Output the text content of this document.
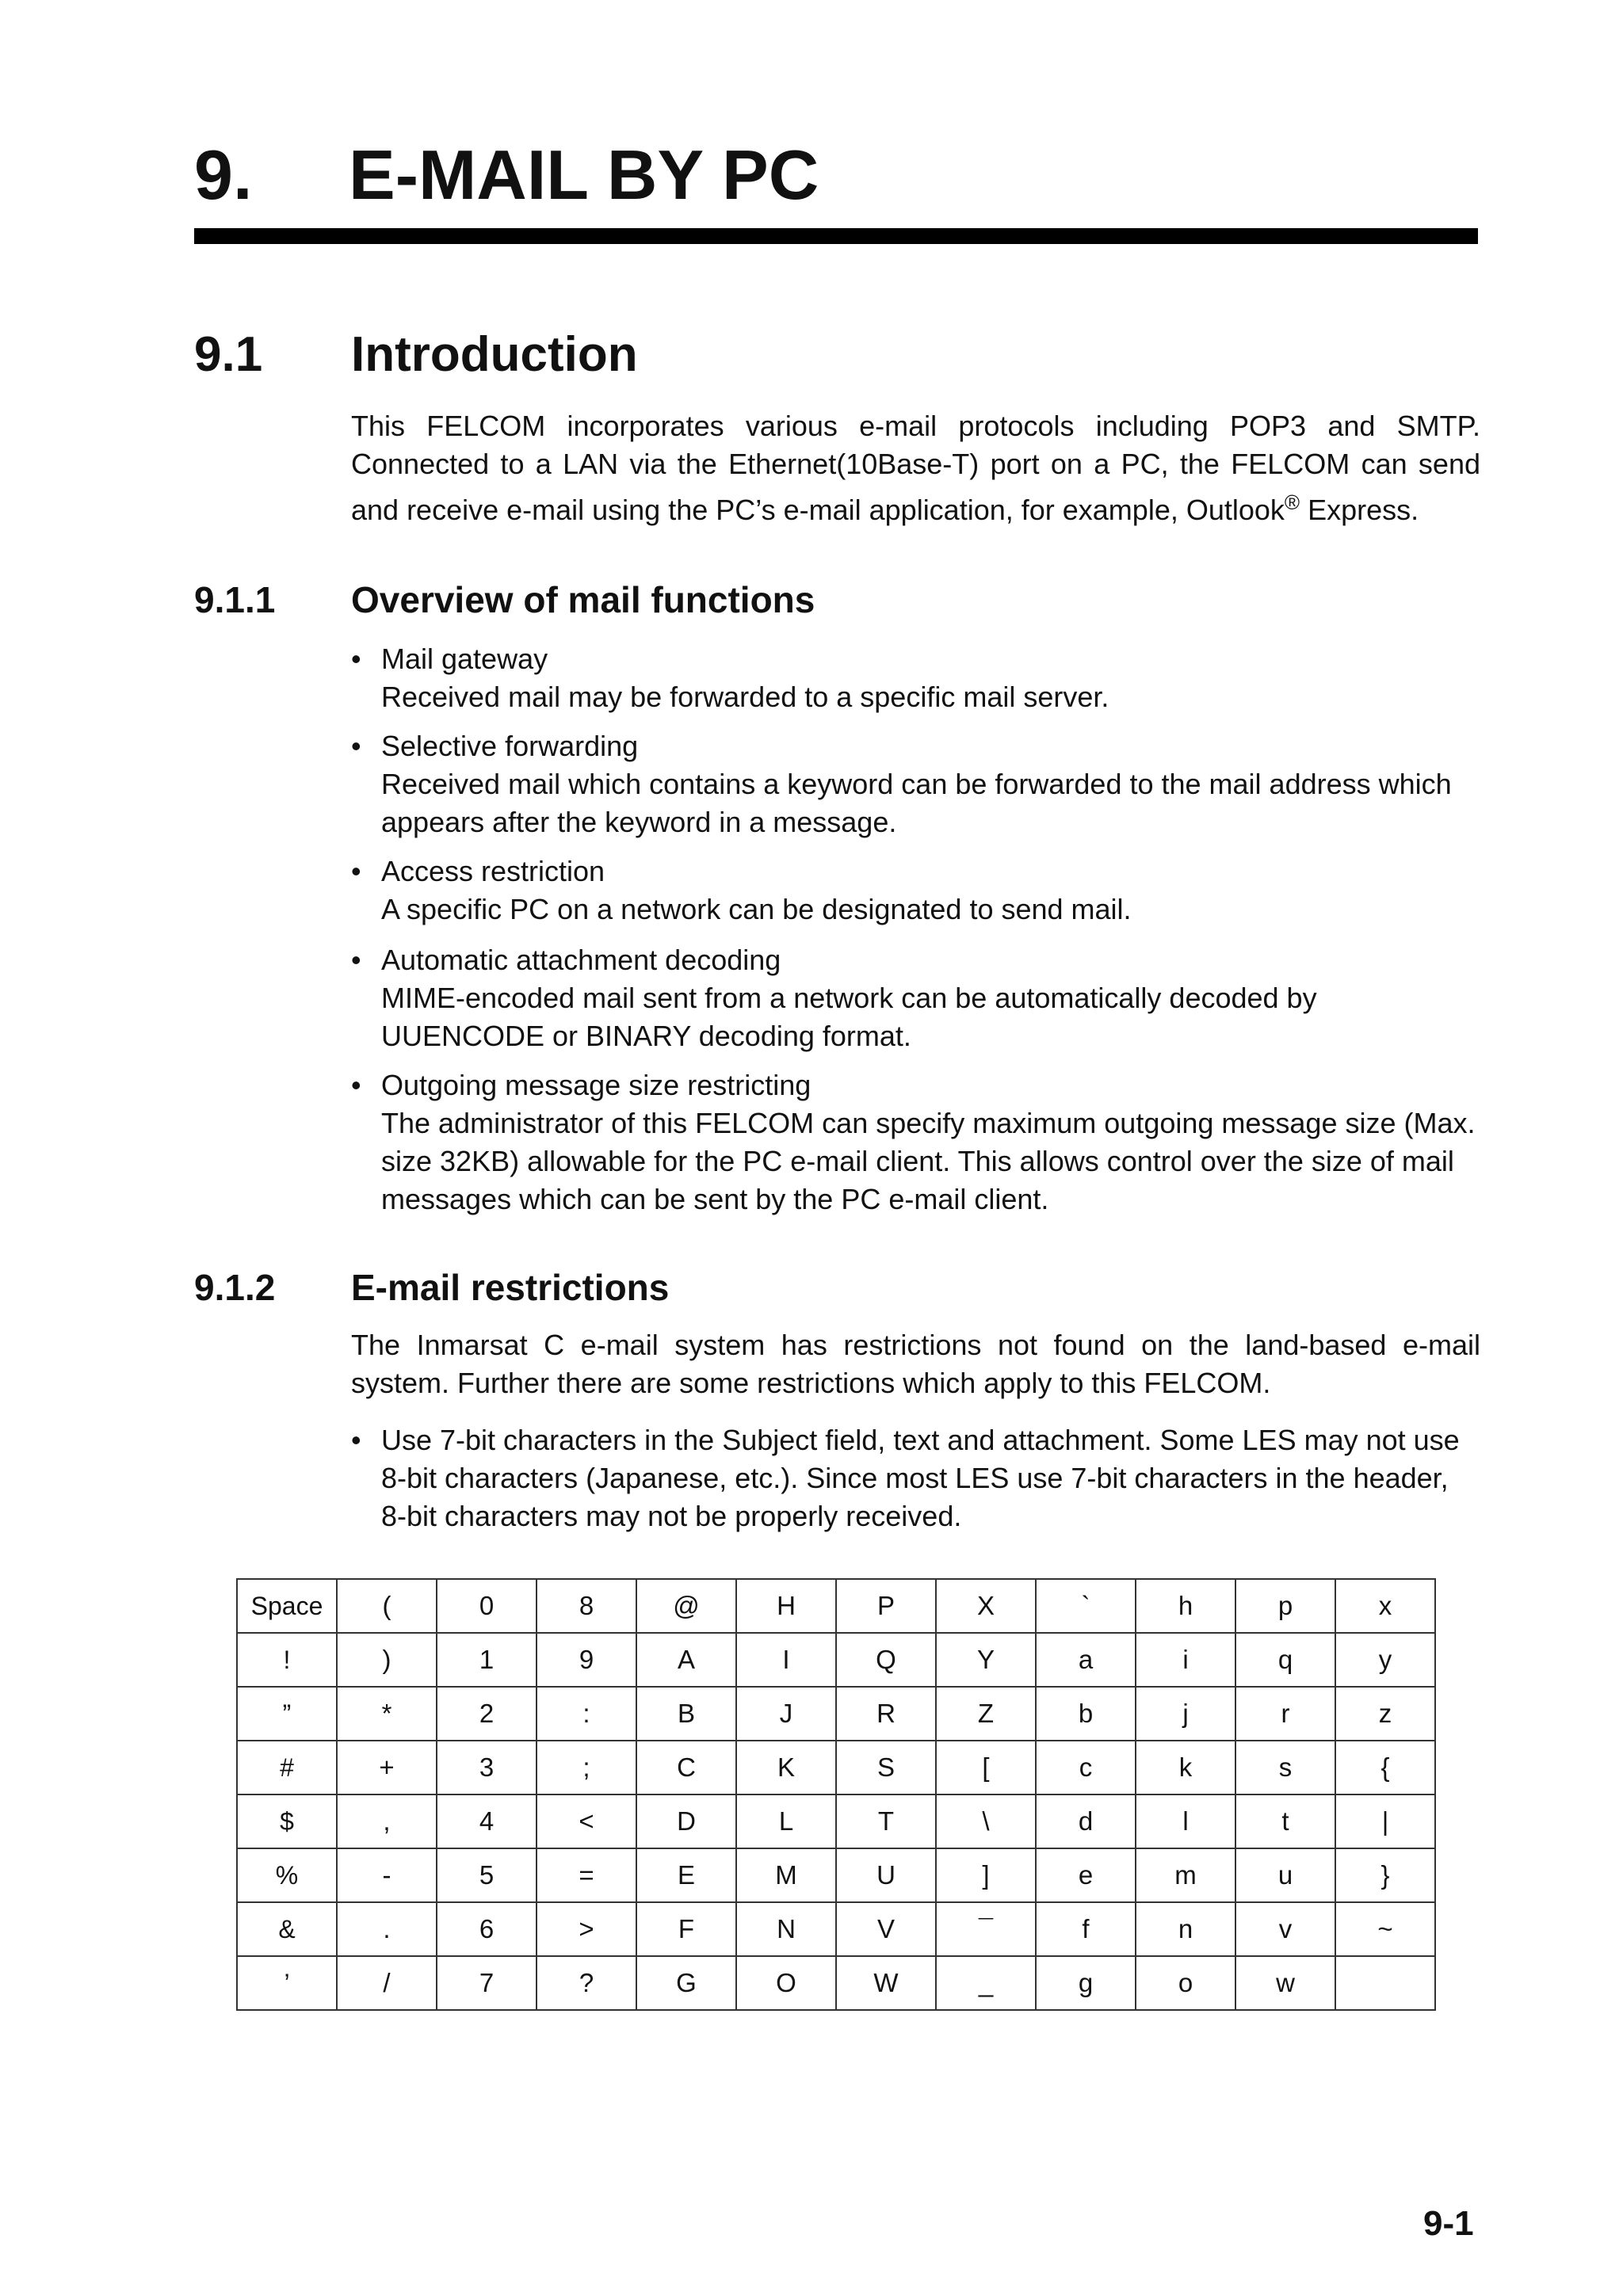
9. E-MAIL BY PC
9.1 Introduction
This FELCOM incorporates various e-mail protocols including POP3 and SMTP. Connected to a LAN via the Ethernet(10Base-T) port on a PC, the FELCOM can send and receive e-mail using the PC’s e-mail application, for example, Outlook® Express.
9.1.1 Overview of mail functions
• Mail gateway
Received mail may be forwarded to a specific mail server.
• Selective forwarding
Received mail which contains a keyword can be forwarded to the mail address which appears after the keyword in a message.
• Access restriction
A specific PC on a network can be designated to send mail.
• Automatic attachment decoding
MIME-encoded mail sent from a network can be automatically decoded by UUENCODE or BINARY decoding format.
• Outgoing message size restricting
The administrator of this FELCOM can specify maximum outgoing message size (Max. size 32KB) allowable for the PC e-mail client. This allows control over the size of mail messages which can be sent by the PC e-mail client.
9.1.2 E-mail restrictions
The Inmarsat C e-mail system has restrictions not found on the land-based e-mail system. Further there are some restrictions which apply to this FELCOM.
• Use 7-bit characters in the Subject field, text and attachment. Some LES may not use 8-bit characters (Japanese, etc.). Since most LES use 7-bit characters in the header, 8-bit characters may not be properly received.
Space	(	0	8	@	H	P	X	`	h	p	x
!	)	1	9	A	I	Q	Y	a	i	q	y
”	*	2	:	B	J	R	Z	b	j	r	z
#	+	3	;	C	K	S	[	c	k	s	{
$	,	4	<	D	L	T	\	d	l	t	|
%	-	5	=	E	M	U	]	e	m	u	}
&	.	6	>	F	N	V	¯	f	n	v	~
’	/	7	?	G	O	W	_	g	o	w	
9-1
